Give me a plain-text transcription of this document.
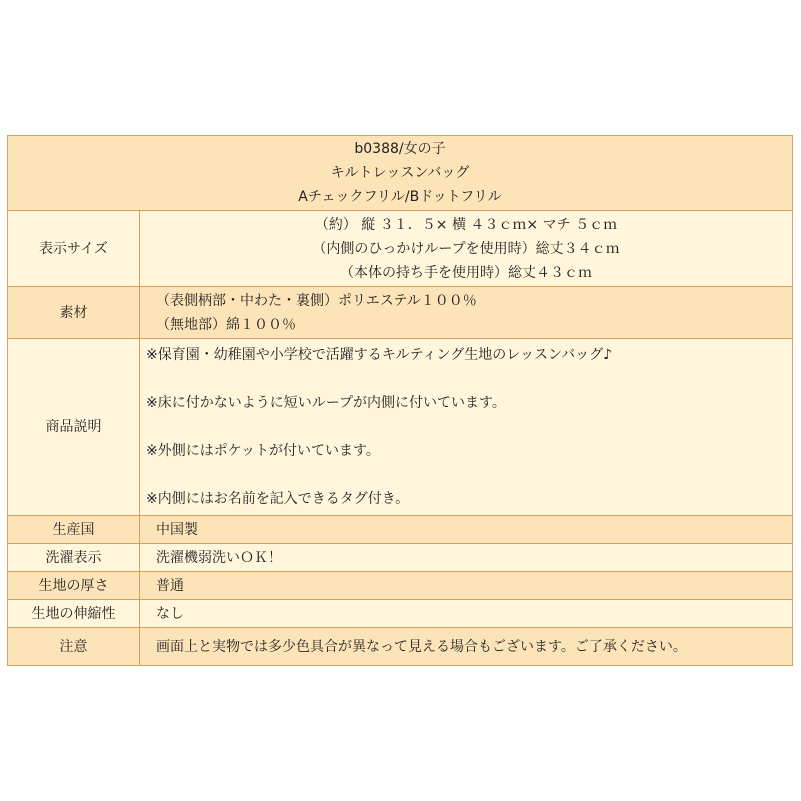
b0388/女の子
キルトレッスンバッグ
Aチェックフリル/Bドットフリル	

表示サイズ	（約） 縦 ３１．５× 横 ４３ｃｍ× マチ ５ｃｍ
（内側のひっかけループを使用時）総丈３４ｃｍ
（本体の持ち手を使用時）総丈４３ｃｍ

素材	（表側柄部・中わた・裏側）ポリエステル１００％
（無地部）綿１００％

商品説明	※保育園・幼稚園や小学校で活躍するキルティング生地のレッスンバッグ♪
※床に付かないように短いループが内側に付いています。
※外側にはポケットが付いています。
※内側にはお名前を記入できるタグ付き。

生産国	中国製
洗濯表示	洗濯機弱洗いＯＫ！
生地の厚さ	普通
生地の伸縮性	なし
注意	画面上と実物では多少色具合が異なって見える場合もございます。ご了承ください。
